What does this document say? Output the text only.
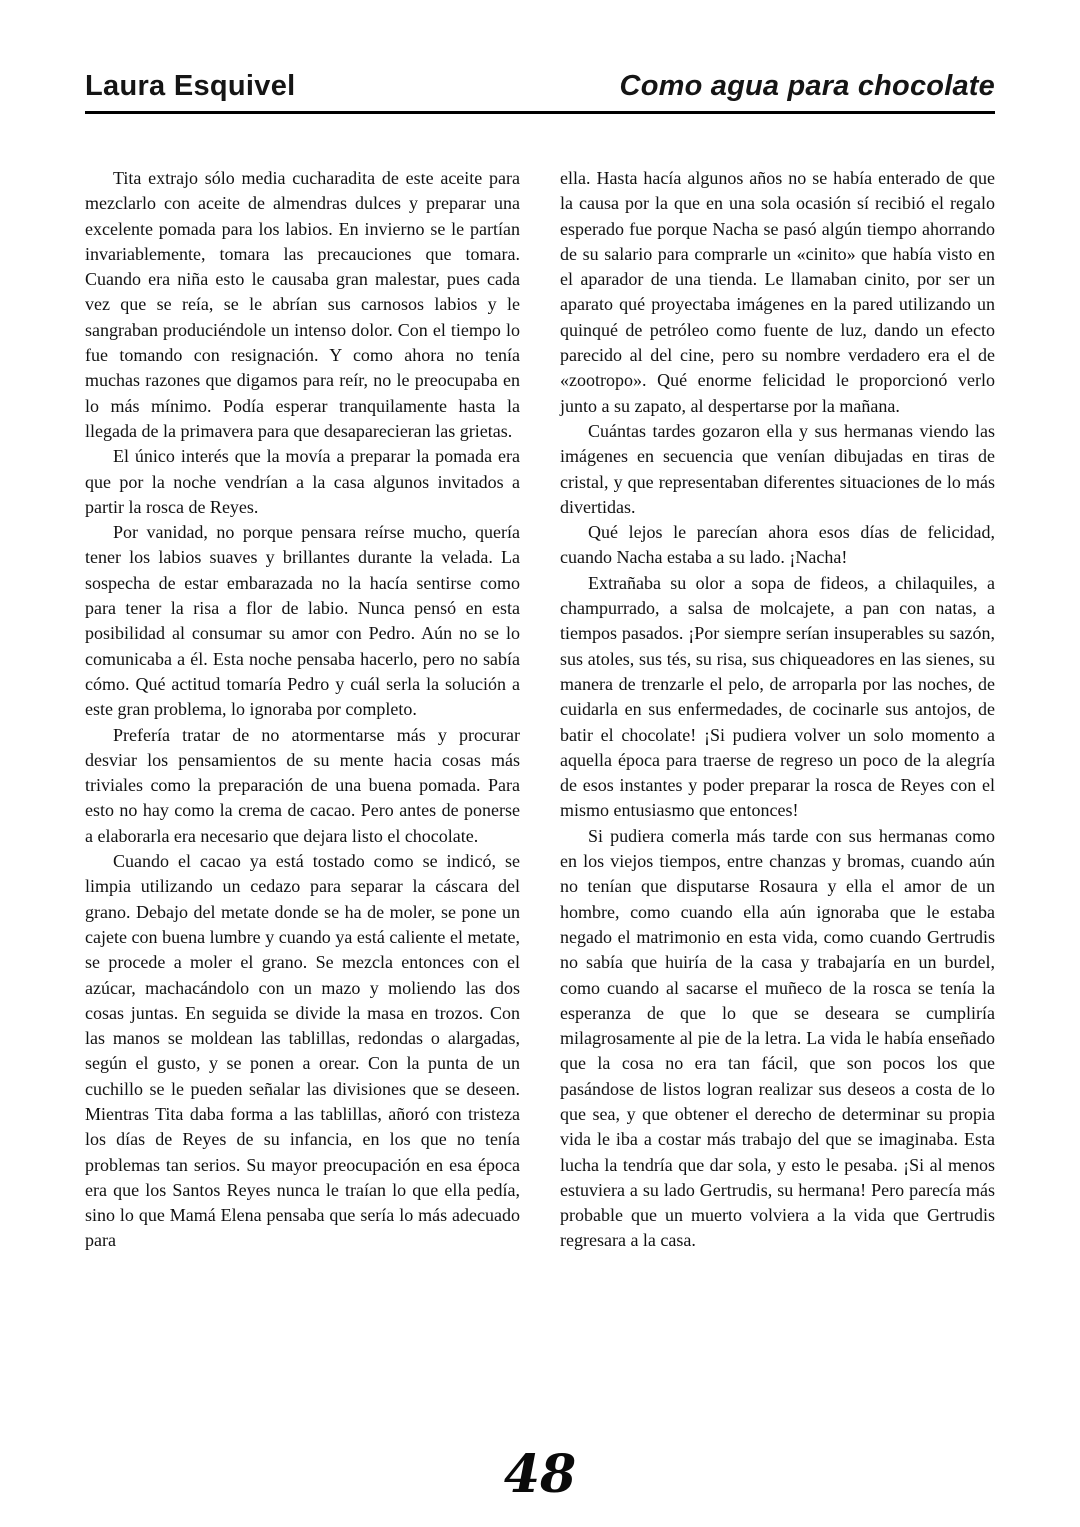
Laura Esquivel	Como agua para chocolate

Tita extrajo sólo media cucharadita de este aceite para mezclarlo con aceite de almendras dulces y preparar una excelente pomada para los labios. En invierno se le partían invariablemente, tomara las precauciones que tomara. Cuando era niña esto le causaba gran malestar, pues cada vez que se reía, se le abrían sus carnosos labios y le sangraban produciéndole un intenso dolor. Con el tiempo lo fue tomando con resignación. Y como ahora no tenía muchas razones que digamos para reír, no le preocupaba en lo más mínimo. Podía esperar tranquilamente hasta la llegada de la primavera para que desaparecieran las grietas.

El único interés que la movía a preparar la pomada era que por la noche vendrían a la casa algunos invitados a partir la rosca de Reyes.

Por vanidad, no porque pensara reírse mucho, quería tener los labios suaves y brillantes durante la velada. La sospecha de estar embarazada no la hacía sentirse como para tener la risa a flor de labio. Nunca pensó en esta posibilidad al consumar su amor con Pedro. Aún no se lo comunicaba a él. Esta noche pensaba hacerlo, pero no sabía cómo. Qué actitud tomaría Pedro y cuál serla la solución a este gran problema, lo ignoraba por completo.

Prefería tratar de no atormentarse más y procurar desviar los pensamientos de su mente hacia cosas más triviales como la preparación de una buena pomada. Para esto no hay como la crema de cacao. Pero antes de ponerse a elaborarla era necesario que dejara listo el chocolate.

Cuando el cacao ya está tostado como se indicó, se limpia utilizando un cedazo para separar la cáscara del grano. Debajo del metate donde se ha de moler, se pone un cajete con buena lumbre y cuando ya está caliente el metate, se procede a moler el grano. Se mezcla entonces con el azúcar, machacándolo con un mazo y moliendo las dos cosas juntas. En seguida se divide la masa en trozos. Con las manos se moldean las tablillas, redondas o alargadas, según el gusto, y se ponen a orear. Con la punta de un cuchillo se le pueden señalar las divisiones que se deseen. Mientras Tita daba forma a las tablillas, añoró con tristeza los días de Reyes de su infancia, en los que no tenía problemas tan serios. Su mayor preocupación en esa época era que los Santos Reyes nunca le traían lo que ella pedía, sino lo que Mamá Elena pensaba que sería lo más adecuado para

ella. Hasta hacía algunos años no se había enterado de que la causa por la que en una sola ocasión sí recibió el regalo esperado fue porque Nacha se pasó algún tiempo ahorrando de su salario para comprarle un «cinito» que había visto en el aparador de una tienda. Le llamaban cinito, por ser un aparato qué proyectaba imágenes en la pared utilizando un quinqué de petróleo como fuente de luz, dando un efecto parecido al del cine, pero su nombre verdadero era el de «zootropo». Qué enorme felicidad le proporcionó verlo junto a su zapato, al despertarse por la mañana.

Cuántas tardes gozaron ella y sus hermanas viendo las imágenes en secuencia que venían dibujadas en tiras de cristal, y que representaban diferentes situaciones de lo más divertidas.

Qué lejos le parecían ahora esos días de felicidad, cuando Nacha estaba a su lado. ¡Nacha!

Extrañaba su olor a sopa de fideos, a chilaquiles, a champurrado, a salsa de molcajete, a pan con natas, a tiempos pasados. ¡Por siempre serían insuperables su sazón, sus atoles, sus tés, su risa, sus chiqueadores en las sienes, su manera de trenzarle el pelo, de arroparla por las noches, de cuidarla en sus enfermedades, de cocinarle sus antojos, de batir el chocolate! ¡Si pudiera volver un solo momento a aquella época para traerse de regreso un poco de la alegría de esos instantes y poder preparar la rosca de Reyes con el mismo entusiasmo que entonces!

Si pudiera comerla más tarde con sus hermanas como en los viejos tiempos, entre chanzas y bromas, cuando aún no tenían que disputarse Rosaura y ella el amor de un hombre, como cuando ella aún ignoraba que le estaba negado el matrimonio en esta vida, como cuando Gertrudis no sabía que huiría de la casa y trabajaría en un burdel, como cuando al sacarse el muñeco de la rosca se tenía la esperanza de que lo que se deseara se cumpliría milagrosamente al pie de la letra. La vida le había enseñado que la cosa no era tan fácil, que son pocos los que pasándose de listos logran realizar sus deseos a costa de lo que sea, y que obtener el derecho de determinar su propia vida le iba a costar más trabajo del que se imaginaba. Esta lucha la tendría que dar sola, y esto le pesaba. ¡Si al menos estuviera a su lado Gertrudis, su hermana! Pero parecía más probable que un muerto volviera a la vida que Gertrudis regresara a la casa.

48
